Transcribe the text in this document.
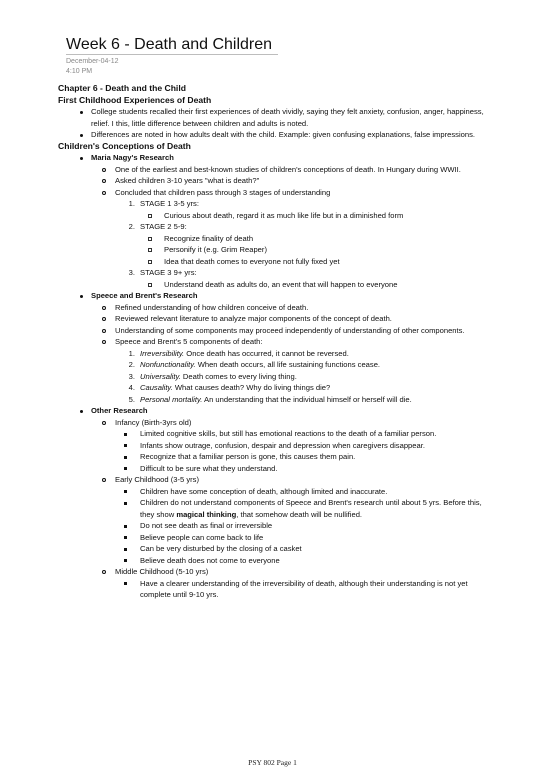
Week 6 - Death and Children
December-04-12
4:10 PM

Chapter 6 - Death and the Child

First Childhood Experiences of Death

College students recalled their first experiences of death vividly, saying they felt anxiety, confusion, anger, happiness, relief. I this, little difference between children and adults is noted.
Differences are noted in how adults dealt with the child. Example: given confusing explanations, false impressions.

Children's Conceptions of Death

Maria Nagy's Research
One of the earliest and best-known studies of children's conceptions of death. In Hungary during WWII.
Asked children 3-10 years "what is death?"
Concluded that children pass through 3 stages of understanding
1. STAGE 1 3-5 yrs:
Curious about death, regard it as much like life but in a diminished form
2. STAGE 2 5-9:
Recognize finality of death
Personify it (e.g. Grim Reaper)
Idea that death comes to everyone not fully fixed yet
3. STAGE 3 9+ yrs:
Understand death as adults do, an event that will happen to everyone
Speece and Brent's Research
Refined understanding of how children conceive of death.
Reviewed relevant literature to analyze major components of the concept of death.
Understanding of some components may proceed independently of understanding of other components.
Speece and Brent's 5 components of death:
1. Irreversibility. Once death has occurred, it cannot be reversed.
2. Nonfunctionality. When death occurs, all life sustaining functions cease.
3. Universality. Death comes to every living thing.
4. Causality. What causes death? Why do living things die?
5. Personal mortality. An understanding that the individual himself or herself will die.
Other Research
Infancy (Birth-3yrs old)
Limited cognitive skills, but still has emotional reactions to the death of a familiar person.
Infants show outrage, confusion, despair and depression when caregivers disappear.
Recognize that a familiar person is gone, this causes them pain.
Difficult to be sure what they understand.
Early Childhood (3-5 yrs)
Children have some conception of death, although limited and inaccurate.
Children do not understand components of Speece and Brent's research until about 5 yrs. Before this, they show magical thinking, that somehow death will be nullified.
Do not see death as final or irreversible
Believe people can come back to life
Can be very disturbed by the closing of a casket
Believe death does not come to everyone
Middle Childhood (5-10 yrs)
Have a clearer understanding of the irreversibility of death, although their understanding is not yet complete until 9-10 yrs.
PSY 802 Page 1
